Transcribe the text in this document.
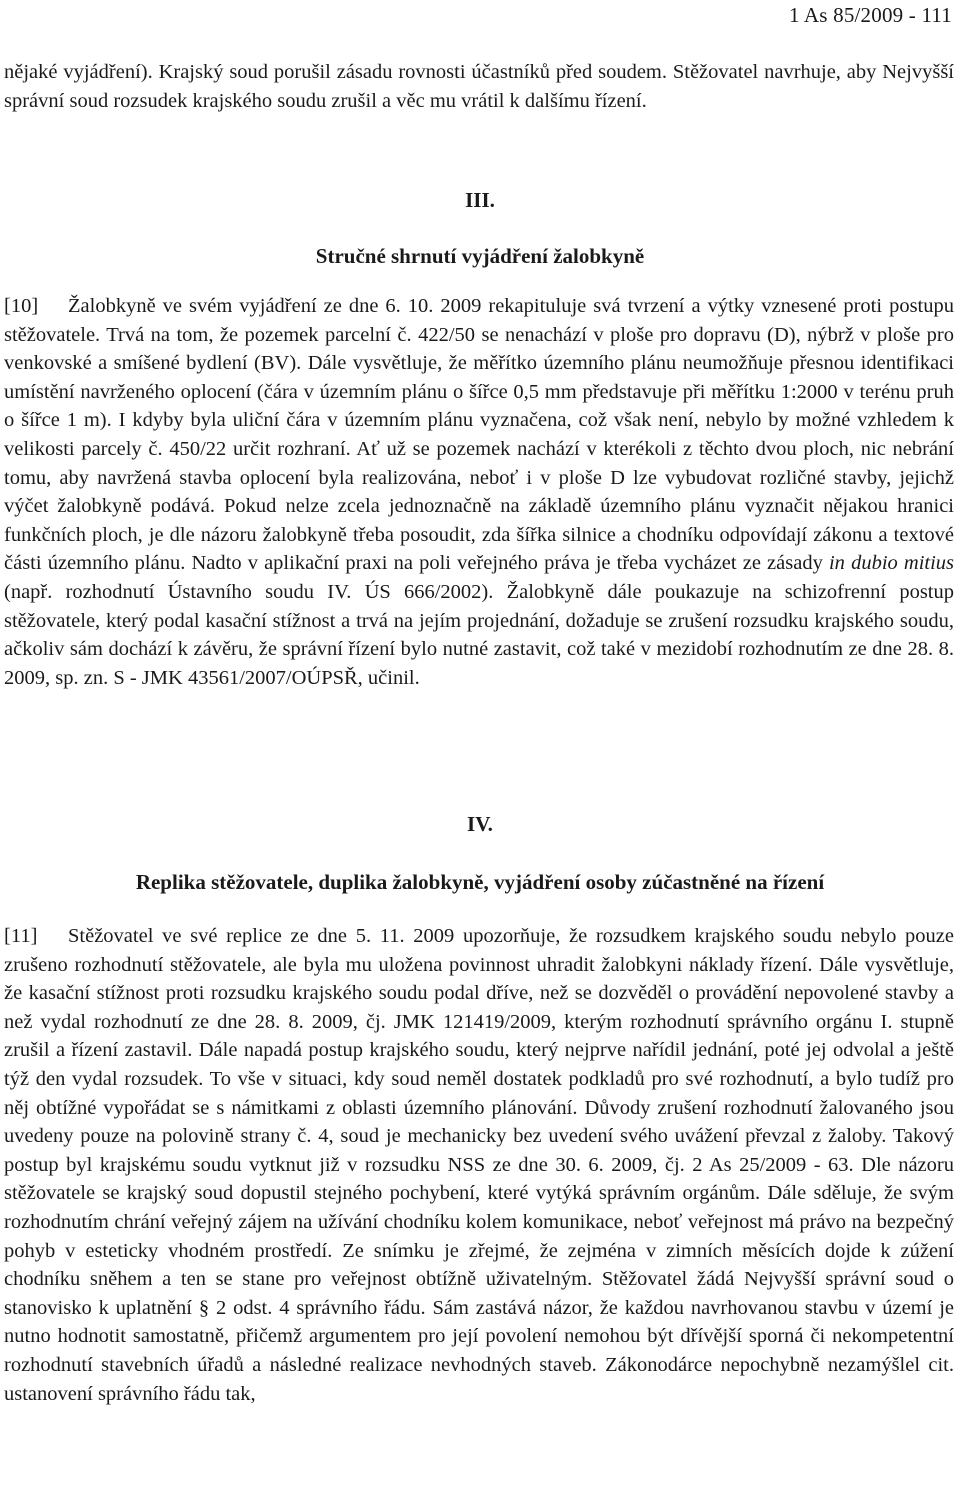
1 As 85/2009 - 111

nějaké vyjádření). Krajský soud porušil zásadu rovnosti účastníků před soudem. Stěžovatel navrhuje, aby Nejvyšší správní soud rozsudek krajského soudu zrušil a věc mu vrátil k dalšímu řízení.

III.
Stručné shrnutí vyjádření žalobkyně

[10] Žalobkyně ve svém vyjádření ze dne 6. 10. 2009 rekapituluje svá tvrzení a výtky vznesené proti postupu stěžovatele. Trvá na tom, že pozemek parcelní č. 422/50 se nenachází v ploše pro dopravu (D), nýbrž v ploše pro venkovské a smíšené bydlení (BV). Dále vysvětluje, že měřítko územního plánu neumožňuje přesnou identifikaci umístění navrženého oplocení (čára v územním plánu o šířce 0,5 mm představuje při měřítku 1:2000 v terénu pruh o šířce 1 m). I kdyby byla uliční čára v územním plánu vyznačena, což však není, nebylo by možné vzhledem k velikosti parcely č. 450/22 určit rozhraní. Ať už se pozemek nachází v kterékoli z těchto dvou ploch, nic nebrání tomu, aby navržená stavba oplocení byla realizována, neboť i v ploše D lze vybudovat rozličné stavby, jejichž výčet žalobkyně podává. Pokud nelze zcela jednoznačně na základě územního plánu vyznačit nějakou hranici funkčních ploch, je dle názoru žalobkyně třeba posoudit, zda šířka silnice a chodníku odpovídají zákonu a textové části územního plánu. Nadto v aplikační praxi na poli veřejného práva je třeba vycházet ze zásady in dubio mitius (např. rozhodnutí Ústavního soudu IV. ÚS 666/2002). Žalobkyně dále poukazuje na schizofrenní postup stěžovatele, který podal kasační stížnost a trvá na jejím projednání, dožaduje se zrušení rozsudku krajského soudu, ačkoliv sám dochází k závěru, že správní řízení bylo nutné zastavit, což také v mezidobí rozhodnutím ze dne 28. 8. 2009, sp. zn. S - JMK 43561/2007/OÚPSŘ, učinil.

IV.
Replika stěžovatele, duplika žalobkyně, vyjádření osoby zúčastněné na řízení

[11] Stěžovatel ve své replice ze dne 5. 11. 2009 upozorňuje, že rozsudkem krajského soudu nebylo pouze zrušeno rozhodnutí stěžovatele, ale byla mu uložena povinnost uhradit žalobkyni náklady řízení. Dále vysvětluje, že kasační stížnost proti rozsudku krajského soudu podal dříve, než se dozvěděl o provádění nepovolené stavby a než vydal rozhodnutí ze dne 28. 8. 2009, čj. JMK 121419/2009, kterým rozhodnutí správního orgánu I. stupně zrušil a řízení zastavil. Dále napadá postup krajského soudu, který nejprve nařídil jednání, poté jej odvolal a ještě týž den vydal rozsudek. To vše v situaci, kdy soud neměl dostatek podkladů pro své rozhodnutí, a bylo tudíž pro něj obtížné vypořádat se s námitkami z oblasti územního plánování. Důvody zrušení rozhodnutí žalovaného jsou uvedeny pouze na polovině strany č. 4, soud je mechanicky bez uvedení svého uvážení převzal z žaloby. Takový postup byl krajskému soudu vytknut již v rozsudku NSS ze dne 30. 6. 2009, čj. 2 As 25/2009 - 63. Dle názoru stěžovatele se krajský soud dopustil stejného pochybení, které vytýká správním orgánům. Dále sděluje, že svým rozhodnutím chrání veřejný zájem na užívání chodníku kolem komunikace, neboť veřejnost má právo na bezpečný pohyb v esteticky vhodném prostředí. Ze snímku je zřejmé, že zejména v zimních měsících dojde k zúžení chodníku sněhem a ten se stane pro veřejnost obtížně uživatelným. Stěžovatel žádá Nejvyšší správní soud o stanovisko k uplatnění § 2 odst. 4 správního řádu. Sám zastává názor, že každou navrhovanou stavbu v území je nutno hodnotit samostatně, přičemž argumentem pro její povolení nemohou být dřívější sporná či nekompetentní rozhodnutí stavebních úřadů a následné realizace nevhodných staveb. Zákonodárce nepochybně nezamýšlel cit. ustanovení správního řádu tak,
